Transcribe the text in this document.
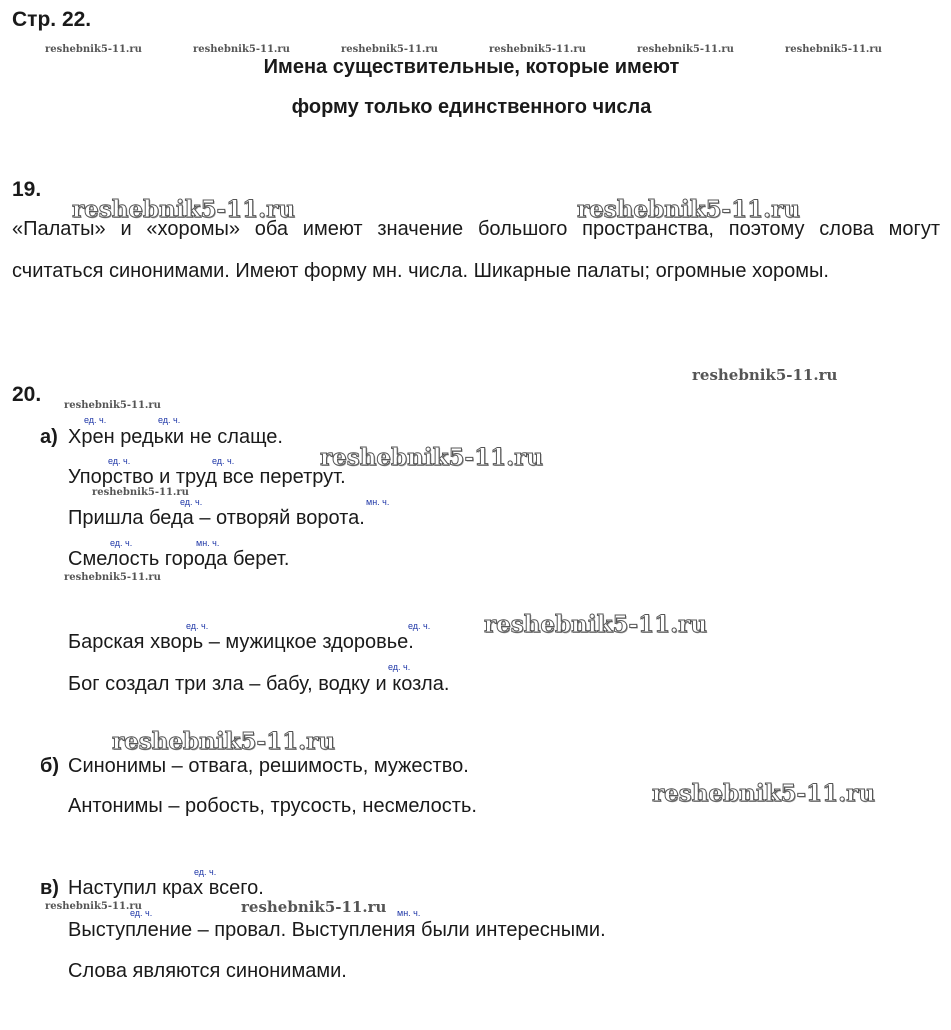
Стр. 22.
reshebnik5-11.ru	reshebnik5-11.ru	reshebnik5-11.ru	reshebnik5-11.ru	reshebnik5-11.ru	reshebnik5-11.ru
Имена существительные, которые имеют
форму только единственного числа
19.
reshebnik5-11.ru	reshebnik5-11.ru
«Палаты» и «хоромы» оба имеют значение большого пространства, поэтому слова могут считаться синонимами. Имеют форму мн. числа. Шикарные палаты; огромные хоромы.
reshebnik5-11.ru
20. reshebnik5-11.ru
ед. ч.	ед. ч.
а) Хрен редьки не слаще.
ед. ч.	ед. ч.	reshebnik5-11.ru
Упорство и труд все перетрут.
reshebnik5-11.ru
ед. ч.	мн. ч.
Пришла беда – отворяй ворота.
ед. ч.	мн. ч.
Смелость города берет.
reshebnik5-11.ru
ед. ч.	ед. ч. reshebnik5-11.ru
Барская хворь – мужицкое здоровье.
ед. ч.
Бог создал три зла – бабу, водку и козла.
reshebnik5-11.ru
б) Синонимы – отвага, решимость, мужество.
reshebnik5-11.ru
Антонимы – робость, трусость, несмелость.
ед. ч.
в) Наступил крах всего.
reshebnik5-11.ru
ед. ч.	reshebnik5-11.ru мн. ч.
Выступление – провал. Выступления были интересными.
Слова являются синонимами.
